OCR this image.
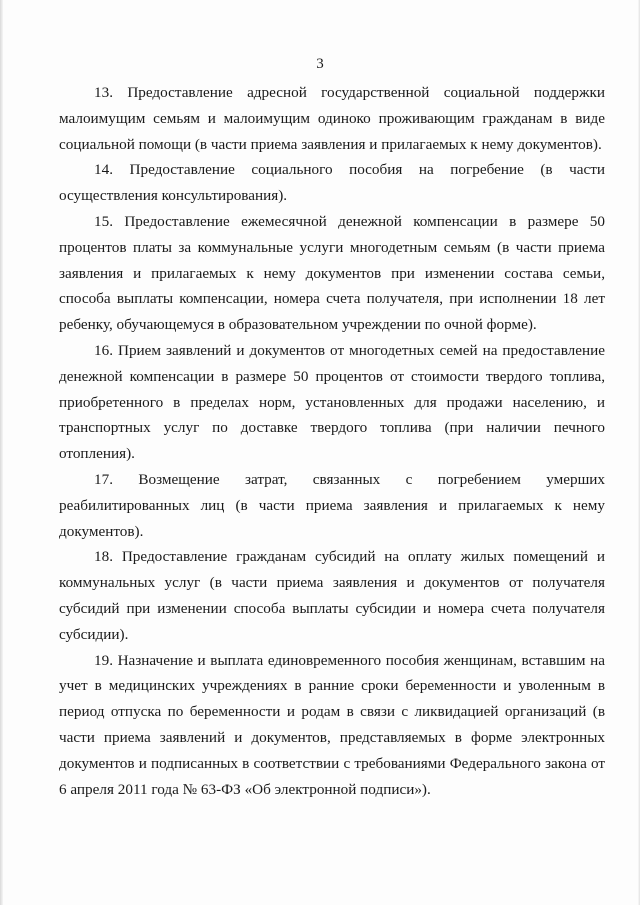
3

13. Предоставление адресной государственной социальной поддержки малоимущим семьям и малоимущим одиноко проживающим гражданам в виде социальной помощи (в части приема заявления и прилагаемых к нему документов).

14. Предоставление социального пособия на погребение (в части осуществления консультирования).

15. Предоставление ежемесячной денежной компенсации в размере 50 процентов платы за коммунальные услуги многодетным семьям (в части приема заявления и прилагаемых к нему документов при изменении состава семьи, способа выплаты компенсации, номера счета получателя, при исполнении 18 лет ребенку, обучающемуся в образовательном учреждении по очной форме).

16. Прием заявлений и документов от многодетных семей на предоставление денежной компенсации в размере 50 процентов от стоимости твердого топлива, приобретенного в пределах норм, установленных для продажи населению, и транспортных услуг по доставке твердого топлива (при наличии печного отопления).

17. Возмещение затрат, связанных с погребением умерших реабилитированных лиц (в части приема заявления и прилагаемых к нему документов).

18. Предоставление гражданам субсидий на оплату жилых помещений и коммунальных услуг (в части приема заявления и документов от получателя субсидий при изменении способа выплаты субсидии и номера счета получателя субсидии).

19. Назначение и выплата единовременного пособия женщинам, вставшим на учет в медицинских учреждениях в ранние сроки беременности и уволенным в период отпуска по беременности и родам в связи с ликвидацией организаций (в части приема заявлений и документов, представляемых в форме электронных документов и подписанных в соответствии с требованиями Федерального закона от 6 апреля 2011 года № 63-ФЗ «Об электронной подписи»).
